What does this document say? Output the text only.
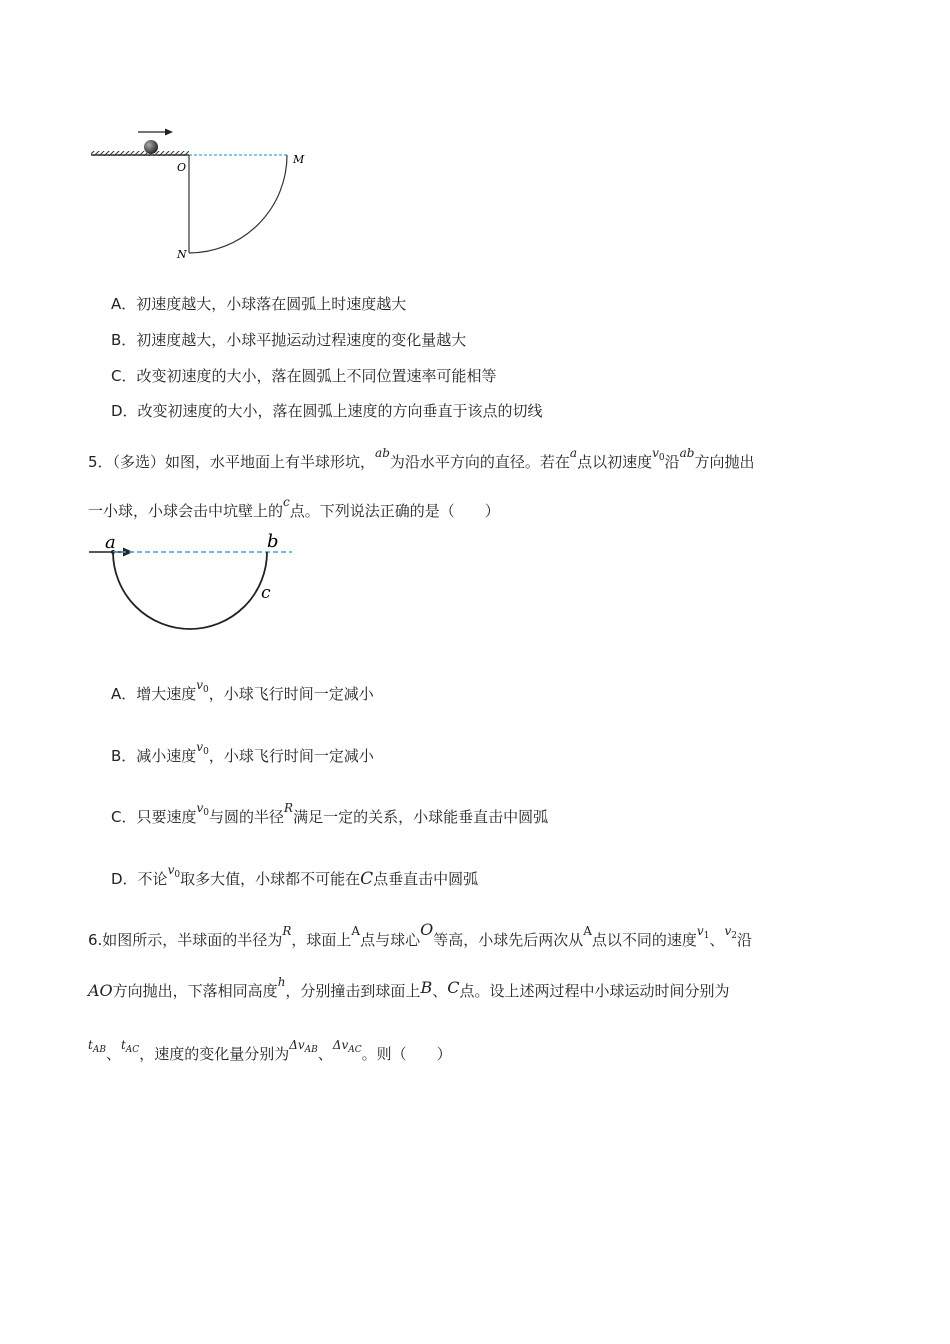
O
M
N
A．初速度越大，小球落在圆弧上时速度越大
B．初速度越大，小球平抛运动过程速度的变化量越大
C．改变初速度的大小，落在圆弧上不同位置速率可能相等
D．改变初速度的大小，落在圆弧上速度的方向垂直于该点的切线
5．（多选）如图，水平地面上有半球形坑，$^{ab}$为沿水平方向的直径。若在$^a$点以初速度$^{v_0}$沿$^{ab}$方向抛出
一小球，小球会击中坑壁上的$^c$点。下列说法正确的是（　　）
a	b
c
A．增大速度$^{v_0}$，小球飞行时间一定减小
B．减小速度$^{v_0}$，小球飞行时间一定减小
C．只要速度$^{v_0}$与圆的半径$^R$满足一定的关系，小球能垂直击中圆弧
D．不论$^{v_0}$取多大值，小球都不可能在C点垂直击中圆弧
6.如图所示，半球面的半径为$^R$，球面上$^A$点与球心O等高，小球先后两次从$^A$点以不同的速度$^{v_1}$、$^{v_2}$沿
AO方向抛出，下落相同高度$^h$，分别撞击到球面上B、C点。设上述两过程中小球运动时间分别为
$^{t_{AB}}$、$^{t_{AC}}$，速度的变化量分别为$^{\Delta v_{AB}}$、$^{\Delta v_{AC}}$。则（　　）
